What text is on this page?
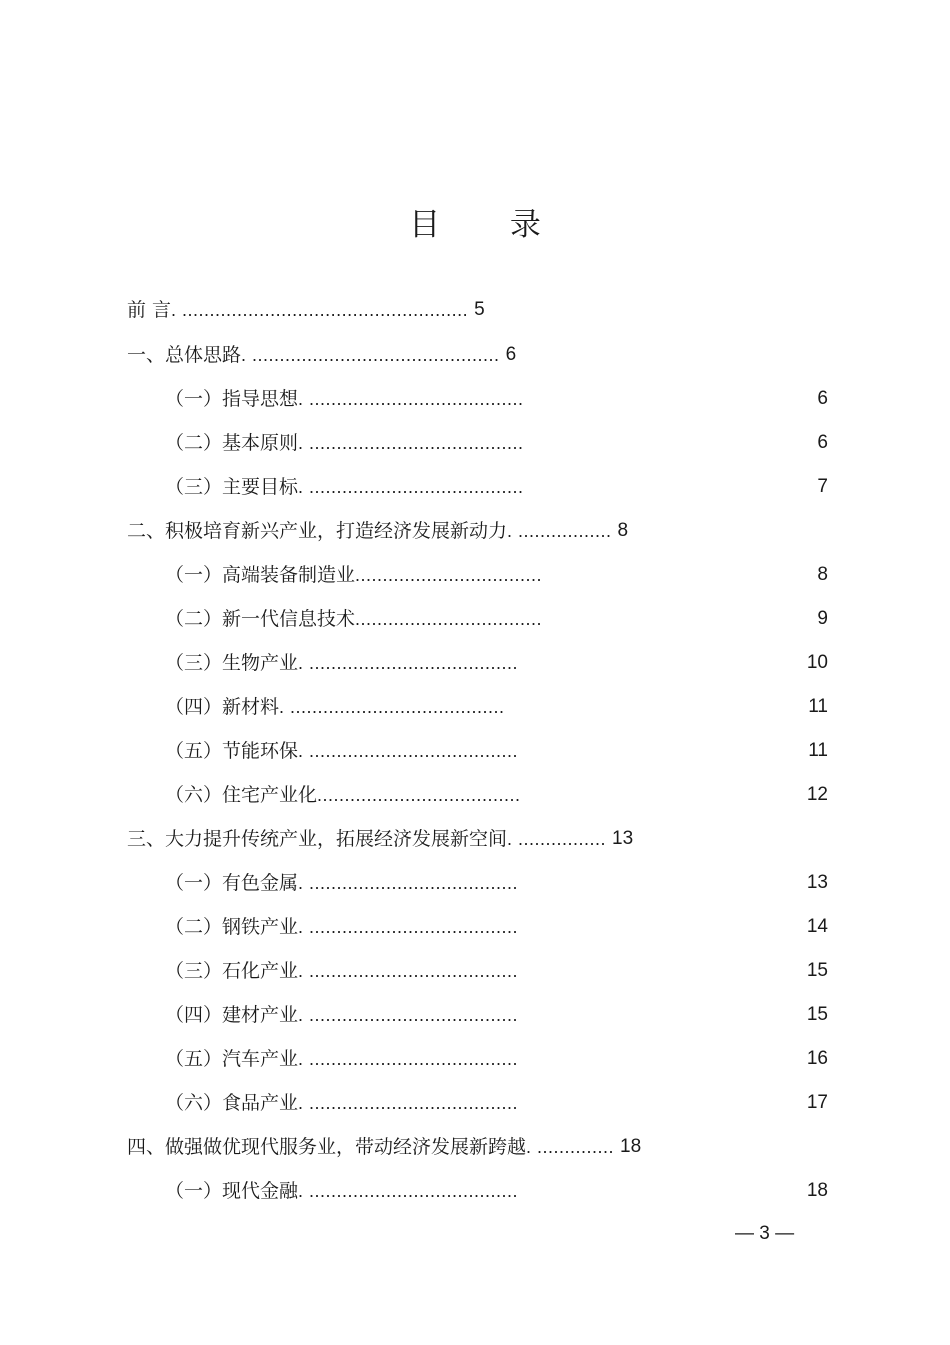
目 录
前 言. .................................................... 5
一、总体思路. ............................................. 6
（一）指导思想. .......................................	6
（二）基本原则. .......................................	6
（三）主要目标. .......................................	7
二、积极培育新兴产业，打造经济发展新动力. ................. 8
（一）高端装备制造业..................................	8
（二）新一代信息技术..................................	9
（三）生物产业. ......................................	10
（四）新材料. .......................................	11
（五）节能环保. ......................................	11
（六）住宅产业化.....................................	12
三、大力提升传统产业，拓展经济发展新空间. ................ 13
（一）有色金属. ......................................	13
（二）钢铁产业. ......................................	14
（三）石化产业. ......................................	15
（四）建材产业. ......................................	15
（五）汽车产业. ......................................	16
（六）食品产业. ......................................	17
四、做强做优现代服务业，带动经济发展新跨越. .............. 18
（一）现代金融. ......................................	18
— 3 —
